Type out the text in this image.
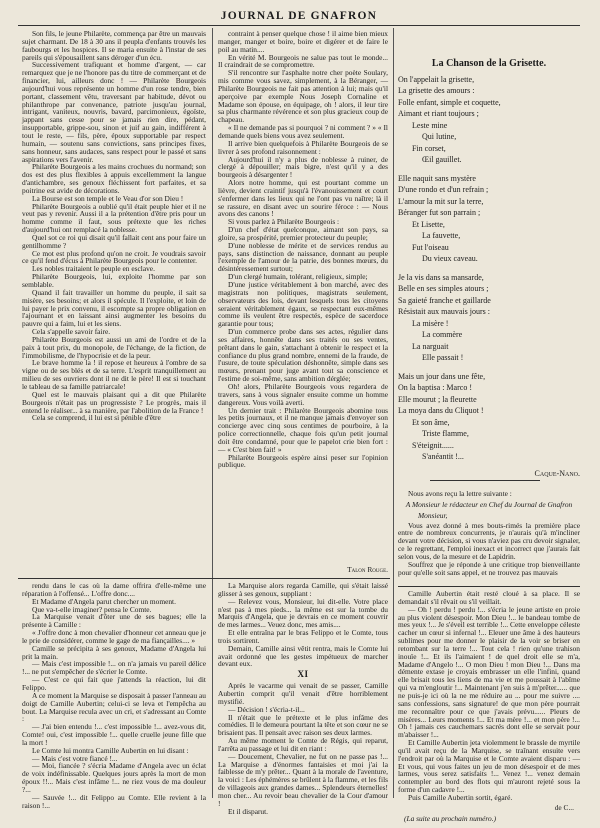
JOURNAL DE GNAFRON

Son fils, le jeune Philarète, commença par être un mauvais sujet charmant. De 18 à 30 ans il peupla d'enfants trouvés les faubourgs et les hospices. Il se maria ensuite à l'instar de ses pareils qui s'épousaillent sans déroger d'un écu.

Successivement trafiquant et homme d'argent, — car remarquez que je ne l'honore pas du titre de commerçant et de financier, lui, ailleurs donc ! — Philarète Bourgeois aujourd'hui vous représente un homme d'un rose tendre, bien portant, classement vêtu, traversant par habitude, dévot ou philanthrope par convenance, patriote jusqu'au journal, intrigant, vaniteux, nouvris, bavard, parcimonieux, égoïste, jappant sans cesse pour se jamais rien dire, pédant, insupportable, grippe-sou, sinon et juif au gain, indifférent à tout le reste, — fils, père, époux supportable par respect humain, — soutenu sans convictions, sans principes fixes, sans honneur, sans audaces, sans respect pour le passé et sans aspirations vers l'avenir.

Philarète Bourgeois a les mains crochues du normand; son dos est des plus flexibles à appuis excellemment la langue d'antichambre, ses genoux fléchissent fort parfaites, et sa poitrine est avide de décorations.

La Bourse est son temple et le Veau d'or son Dieu !

Philarète Bourgeois a oublié qu'il était peuple hier et il ne veut pas y revenir. Aussi il a la prétention d'être pris pour un homme comme il faut, sous prétexte que les riches d'aujourd'hui ont remplacé la noblesse.

Quel sot ce roi qui disait qu'il fallait cent ans pour faire un gentilhomme ?

Ce mot est plus profond qu'on ne croit. Je voudrais savoir ce qu'il fend d'écus à Philarète Bourgeois pour le contenter.

Les nobles traitaient le peuple en esclave.

Philarète Bourgeois, lui, exploite l'homme par son semblable.

Quand il fait travailler un homme du peuple, il sait sa misère, ses besoins; et alors il spécule. Il l'exploite, et loin de lui payer le prix convenu, il escompte sa propre obligation en l'ajournant et en laissant ainsi augmenter les besoins du pauvre qui a faim, lui et les siens.

Cela s'appelle savoir faire.

Philarète Bourgeois est aussi un ami de l'ordre et de la paix à tout prix, du monopole, de l'échange, de la fiction, de l'immobilisme, de l'hypocrisie et de la peur.

Le brave homme la ! il repose et heureux à l'ombre de sa vigne ou de ses blés et de sa terre. L'esprit tranquillement au milieu de ses ouvriers dont il ne dit le père! Il est si touchant le tableau de sa famille patriarcale!

Quel est le mauvais plaisant qui a dit que Philarète Bourgeois n'était pas un progressiste ? Le progrès, mais il entend le réaliser... à sa manière, par l'abolition de la France !

Cela se comprend, il lui est si pénible d'être

contraint à penser quelque chose ! il aime bien mieux manger, manger et boire, boire et digérer et de faire le poil au matin....

En vérité M. Bourgeois ne salue pas tout le monde... Il craindrait de se compromettre.

S'il rencontre sur l'asphalte notre cher poète Soulary, mis comme vous savez, simplement, à la Béranger, — Philarète Bourgeois ne fait pas attention à lui; mais qu'il aperçoive par exemple Nous Joseph Cornaline et Madame son épouse, en équipage, oh ! alors, il leur tire sa plus charmante révérence et son plus gracieux coup de chapeau.

« Il ne demande pas si pourquoi ? ni comment ? » « Il demande quels biens vous avez seulement.

Il arrive bien quelquefois à Philarète Bourgeois de se livrer à ses profond raisonnement :

Aujourd'hui il n'y a plus de noblesse à ruiner, de clergé à dépouiller; mais bigre, n'est qu'il y a des bourgeois à désargenter !

Alors notre homme, qui est pourtant comme un lièvre, devient craintif jusqu'à l'évanouissement et court s'enfermer dans les lieux qui ne l'ont pas vu naître; là il se rassure, en disant avec un sourire féroce : — Nous avons des canons !

Si vous parlez à Philarète Bourgeois :

D'un chef d'état quelconque, aimant son pays, sa gloire, sa prospérité, premier protecteur du peuple;

D'une noblesse de mérite et de services rendus au pays, sans distinction de naissance, donnant au peuple l'exemple de l'amour de la patrie, des bonnes mœurs, du désintéressement surtout;

D'un clergé humain, tolérant, religieux, simple;

D'une justice véritablement à bon marché, avec des magistrats non politiques, magistrats seulement, observateurs des lois, devant lesquels tous les citoyens seraient véritablement égaux, se respectant eux-mêmes comme ils veulent être respectés, espèce de sacerdoce garantie pour tous;

D'un commerce probe dans ses actes, régulier dans ses affaires, honnête dans ses traités ou ses ventes, prêtant dans le gain, s'attachant à obtenir le respect et la confiance du plus grand nombre, ennemi de la fraude, de l'usure, de toute spéculation déshonnête, simple dans ses mœurs, prenant pour juge avant tout sa conscience et l'estime de soi-même, sans ambition dérglée;

Oh! alors, Philarète Bourgeois vous regardera de travers, sans à vous signaler ensuite comme un homme dangereux. Vous voilà averti.

Un dernier trait : Philarète Bourgeois abomine tous les petits journaux, et il ne manque jamais d'envoyer son concierge avec cinq sous centimes de pourboire, à la police correctionnelle, chaque fois qu'un petit journal doit être condamné, pour que le papelot crie bien fort : — « C'est bien fait! »

Philarète Bourgeois espère ainsi peser sur l'opinion publique.

Talon Rouge.
La Chanson de la Grisette.
On l'appelait la grisette,
La grisette des amours :
Folle enfant, simple et coquette,
Aimant et riant toujours ;
Leste mine
Qui lutine,
Fin corset,
Œil gauillet.
Elle naquit sans mystère
D'une rondo et d'un refrain ;
L'amour la mit sur la terre,
Béranger fut son parrain ;
Et Lisette,
La fauvette,
Fut l'oiseau
Du vieux caveau.
Je la vis dans sa mansarde,
Belle en ses simples atours ;
Sa gaieté franche et gaillarde
Résistait aux mauvais jours :
La misère !
La commère
La narguait
Elle passait !
Mais un jour dans une fête,
On la baptisa : Marco !
Elle mourut ; la fleurette
La moya dans du Cliquot !
Et son âme,
Triste flamme,
S'éteignit......
S'anéantit !...
Caque-Nano.

Nous avons reçu la lettre suivante :

A Monsieur le rédacteur en Chef du Journal de Gnafron

Monsieur,

Vous avez donné à mes bouts-rimés la première place entre de nombreux concurrents, je n'aurais qu'à m'incliner devant votre décision, si vous n'aviez pas cru devoir signaler, ce le regrettant, l'emploi inexact et incorrect que j'aurais fait selon vous, de la mesure et de Lapidrin.

Souffrez que je réponde à une critique trop bienveillante pour qu'elle soit sans appel, et ne trouvez pas mauvais

rendu dans le cas où la dame offrira d'elle-même une réparation à l'offensé... L'offre donc....

Et Madame d'Angela parut chercher un moment.

Que va-t-elle imaginer? pensa le Comte.

La Marquise venait d'ôter une de ses bagues; elle la présente à Camille :

« J'offre donc à mon chevalier d'honneur cet anneau que je le prie de considérer, comme le gage de ma fiançailles.... »

Camille se précipita à ses genoux, Madame d'Angela lui prit la main.

— Mais c'est impossible !... on n'a jamais vu pareil délice !... ne put s'empêcher de s'écrier le Comte.

— C'est ce qui fait que j'attends la réaction, lui dit Felippo.

A ce moment la Marquise se disposait à passer l'anneau au doigt de Camille Aubertin; celui-ci se leva et l'empêcha au bout. La Marquise recula avec un cri, et s'adressant au Comte :

— J'ai bien entendu !... c'est impossible !... avez-vous dit, Comte! oui, c'est impossible !... quelle cruelle jeune fille que la mort !

Le Comte lui montra Camille Aubertin en lui disant :

— Mais c'est votre fiancé !...

— Moi, fiancée ? s'écria Madame d'Angela avec un éclat de voix indéfinissable. Quelques jours après la mort de mon époux !!... Mais c'est infâme !... ne riez vous de ma douleur ?...

— Sauvée !... dit Felippo au Comte. Elle revient à la raison !...

La Marquise alors regarda Camille, qui s'était laissé glisser à ses genoux, suppliant :

— Relevez vous, Monsieur, lui dit-elle. Votre place n'est pas à mes pieds... la même est sur la tombe du Marquis d'Angela, que je devrais en ce moment couvrir de mes larmes... Veuez donc, mes amis....

Et elle entraîna par le bras Felippo et le Comte, tous trois sortirent.

Demain, Camille ainsi vêtit rentra, mais le Comte lui avait ordonné que les gestes impétueux de marcher devant eux.

XI

Après le vacarme qui venait de se passer, Camille Aubertin comprit qu'il venait d'être horriblement mystifié.

— Décision ! s'écria-t-il...

Il n'était que le prétexte et le plus infâme des comédies. Il le demeura pourtant la tête et son cœur ne se brisaient pas. Il pensait avec raison ses deux larmes.

Au même moment le Comte de Régis, qui reparut, l'arrêta au passage et lui dit en riant :

— Doucement, Chevalier, ne fut on ne passe pas !... La Marquise a d'énormes fantaisies et moi j'ai la faiblesse de m'y prêter... Quant à la morale de l'aventure, la voici : Les éphémères se brûlent à la flamme, et les fils de villageois aux grandes dames... Splendeurs éternelles! mon cher... Au revoir beau chevalier de la Cour d'amour !

Et il disparut.

Camille Aubertin était resté cloué à sa place. Il se demandait s'il rêvait ou s'il veillait.

— Oh ! perdu ! perdu !... s'écria le jeune artiste en proie au plus violent désespoir. Mon Dieu !... le bandeau tombe de mes yeux !... Je s'éveil est terrible !... Cette enveloppe céleste cacher un cœur si infernal !... Eleuer une âme à des hauteurs sublimes pour me donner le plaisir de la voir se briser en retombant sur la terre !... Tout cela ! rien qu'une trahison inouïe !... Et ils l'aimaient ! de quel droit elle se m'a, Madame d'Angelo !... O mon Dieu ! mon Dieu !... Dans ma démente extase je croyais embrasser un elle l'infini, quand elle brisait tous les liens de ma vie et me poussait à l'abîme qui va m'engloutir !... Maintenant j'en suis à m'prêter...... que ne puis-je ici où la ne me réduire au ... pour me suivre .... sans confessions, sans signature! de que mon père pourrait me reconnaître pour ce que j'avais prévu...... Pleurs de misères... Leurs moments !... Et ma mère !... et mon père !... Oh ! jamais ces cauchemars sacrés dont elle se servait pour m'abaisser !...

Et Camille Aubertin jeta violemment le brassle de myrtile qu'il avait reçu de la Marquise, se traînant ensuite vers l'endroit par où la Marquise et le Comte avaient disparu : — Et vous, qui vous faites un jeu de mon désespoir et de mes larmes, vous serez satisfaits !... Venez !... venez demain contempler au bord des flots qui m'auront rejeté sous la forme d'un cadavre !...

Puis Camille Aubertin sortit, égaré.

de C...
(La suite au prochain numéro.)
